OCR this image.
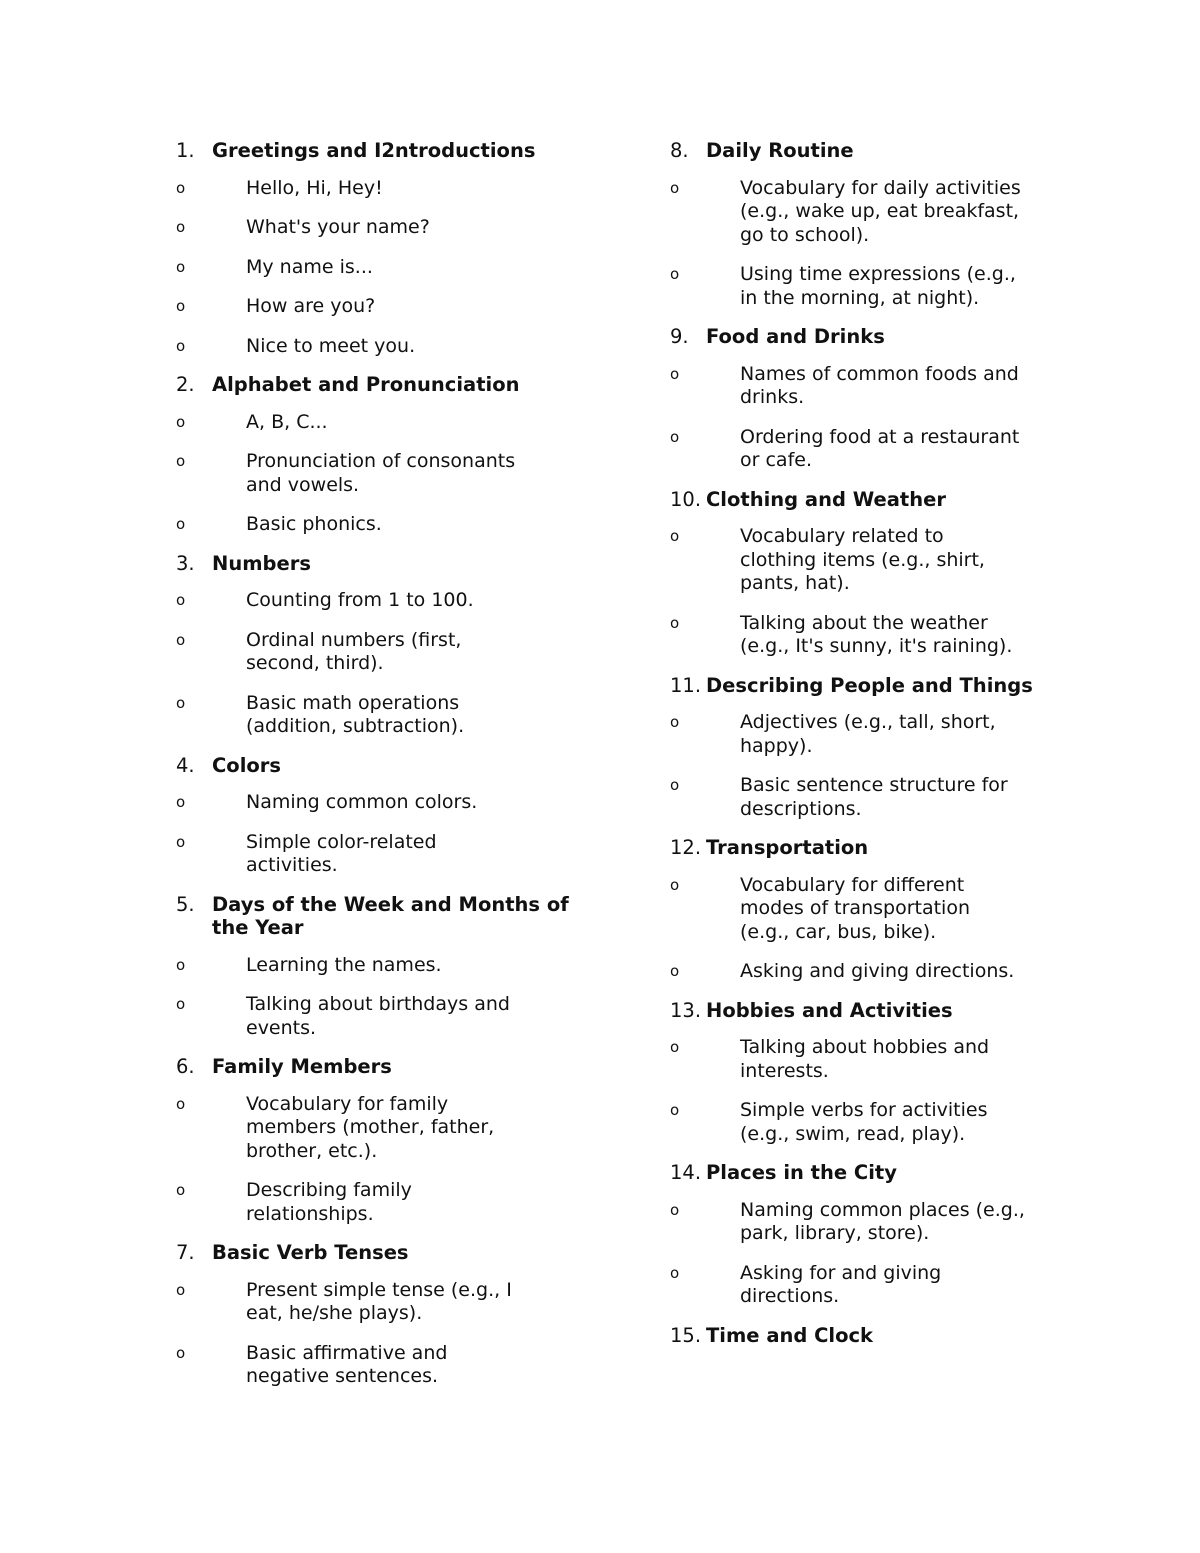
1. Greetings and I2ntroductions
o	Hello, Hi, Hey!
o	What's your name?
o	My name is...
o	How are you?
o	Nice to meet you.
2. Alphabet and Pronunciation
o	A, B, C...
o	Pronunciation of consonants and vowels.
o	Basic phonics.
3. Numbers
o	Counting from 1 to 100.
o	Ordinal numbers (first, second, third).
o	Basic math operations (addition, subtraction).
4. Colors
o	Naming common colors.
o	Simple color-related activities.
5. Days of the Week and Months of the Year
o	Learning the names.
o	Talking about birthdays and events.
6. Family Members
o	Vocabulary for family members (mother, father, brother, etc.).
o	Describing family relationships.
7. Basic Verb Tenses
o	Present simple tense (e.g., I eat, he/she plays).
o	Basic affirmative and negative sentences.
8. Daily Routine
o	Vocabulary for daily activities (e.g., wake up, eat breakfast, go to school).
o	Using time expressions (e.g., in the morning, at night).
9. Food and Drinks
o	Names of common foods and drinks.
o	Ordering food at a restaurant or cafe.
10. Clothing and Weather
o	Vocabulary related to clothing items (e.g., shirt, pants, hat).
o	Talking about the weather (e.g., It's sunny, it's raining).
11. Describing People and Things
o	Adjectives (e.g., tall, short, happy).
o	Basic sentence structure for descriptions.
12. Transportation
o	Vocabulary for different modes of transportation (e.g., car, bus, bike).
o	Asking and giving directions.
13. Hobbies and Activities
o	Talking about hobbies and interests.
o	Simple verbs for activities (e.g., swim, read, play).
14. Places in the City
o	Naming common places (e.g., park, library, store).
o	Asking for and giving directions.
15. Time and Clock
